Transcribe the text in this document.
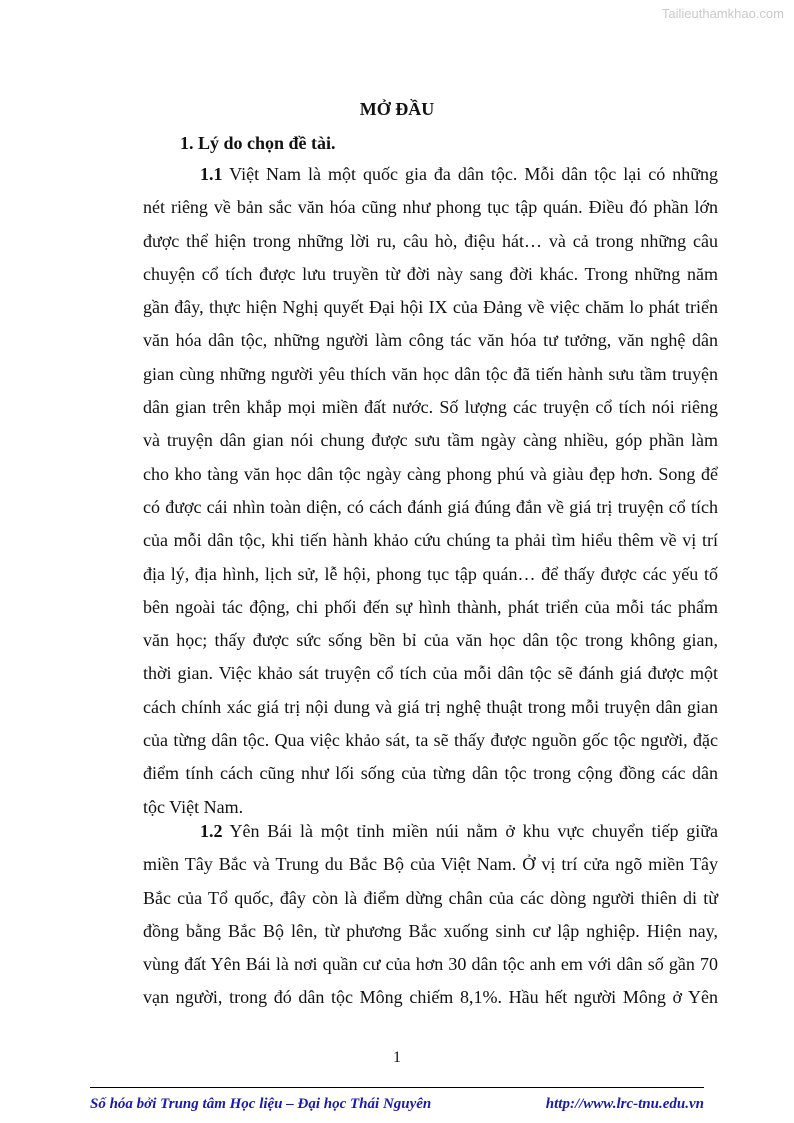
Tailieuthamkhao.com
MỞ ĐẦU
1. Lý do chọn đề tài.
1.1 Việt Nam là một quốc gia đa dân tộc. Mỗi dân tộc lại có những
nét riêng về bản sắc văn hóa cũng như phong tục tập quán. Điều đó phần lớn
được thể hiện trong những lời ru, câu hò, điệu hát… và cả trong những câu
chuyện cổ tích được lưu truyền từ đời này sang đời khác. Trong những năm
gần đây, thực hiện Nghị quyết Đại hội IX của Đảng về việc chăm lo phát triển
văn hóa dân tộc, những người làm công tác văn hóa tư tưởng, văn nghệ dân
gian cùng những người yêu thích văn học dân tộc đã tiến hành sưu tầm truyện
dân gian trên khắp mọi miền đất nước. Số lượng các truyện cổ tích nói riêng
và truyện dân gian nói chung được sưu tầm ngày càng nhiều, góp phần làm
cho kho tàng văn học dân tộc ngày càng phong phú và giàu đẹp hơn. Song để
có được cái nhìn toàn diện, có cách đánh giá đúng đắn về giá trị truyện cổ tích
của mỗi dân tộc, khi tiến hành khảo cứu chúng ta phải tìm hiểu thêm về vị trí
địa lý, địa hình, lịch sử, lễ hội, phong tục tập quán… để thấy được các yếu tố
bên ngoài tác động, chi phối đến sự hình thành, phát triển của mỗi tác phẩm
văn học; thấy được sức sống bền bỉ của văn học dân tộc trong không gian,
thời gian. Việc khảo sát truyện cổ tích của mỗi dân tộc sẽ đánh giá được một
cách chính xác giá trị nội dung và giá trị nghệ thuật trong mỗi truyện dân gian
của từng dân tộc. Qua việc khảo sát, ta sẽ thấy được nguồn gốc tộc người, đặc
điểm tính cách cũng như lối sống của từng dân tộc trong cộng đồng các dân
tộc Việt Nam.
1.2 Yên Bái là một tỉnh miền núi nằm ở khu vực chuyển tiếp giữa
miền Tây Bắc và Trung du Bắc Bộ của Việt Nam. Ở vị trí cửa ngõ miền Tây
Bắc của Tổ quốc, đây còn là điểm dừng chân của các dòng người thiên di từ
đồng bằng Bắc Bộ lên, từ phương Bắc xuống sinh cư lập nghiệp. Hiện nay,
vùng đất Yên Bái là nơi quần cư của hơn 30 dân tộc anh em với dân số gần 70
vạn người, trong đó dân tộc Mông chiếm 8,1%. Hầu hết người Mông ở Yên
1
Số hóa bởi Trung tâm Học liệu – Đại học Thái Nguyên	http://www.lrc-tnu.edu.vn
